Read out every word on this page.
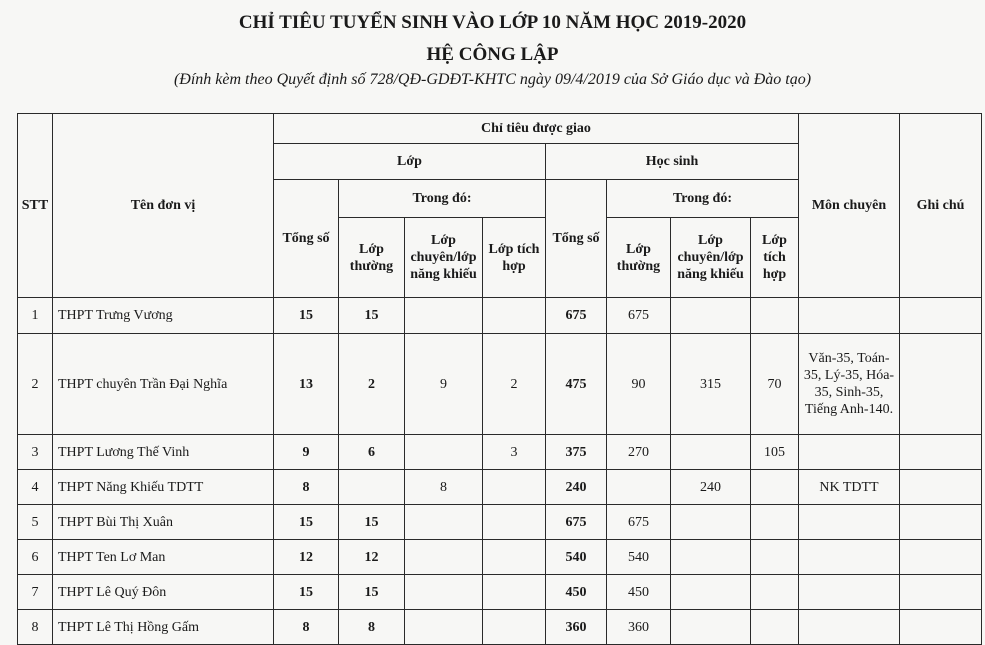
CHỈ TIÊU TUYỂN SINH VÀO LỚP 10 NĂM HỌC 2019-2020
HỆ CÔNG LẬP
(Đính kèm theo Quyết định số 728/QĐ-GDĐT-KHTC ngày 09/4/2019 của Sở Giáo dục và Đào tạo)
STT	Tên đơn vị	Chỉ tiêu được giao								Môn chuyên	Ghi chú
		Lớp				Học sinh					
		Tổng số	Trong đó:			Tổng số	Trong đó:				
			Lớp thường	Lớp chuyên/lớp năng khiếu	Lớp tích hợp		Lớp thường	Lớp chuyên/lớp năng khiếu	Lớp tích hợp		
1	THPT Trưng Vương	15	15			675	675				
2	THPT chuyên Trần Đại Nghĩa	13	2	9	2	475	90	315	70	Văn-35, Toán-35, Lý-35, Hóa-35, Sinh-35, Tiếng Anh-140.	
3	THPT Lương Thế Vinh	9	6		3	375	270		105		
4	THPT Năng Khiếu TDTT	8		8		240		240		NK TDTT	
5	THPT Bùi Thị Xuân	15	15			675	675				
6	THPT Ten Lơ Man	12	12			540	540				
7	THPT Lê Quý Đôn	15	15			450	450				
8	THPT Lê Thị Hồng Gấm	8	8			360	360				
